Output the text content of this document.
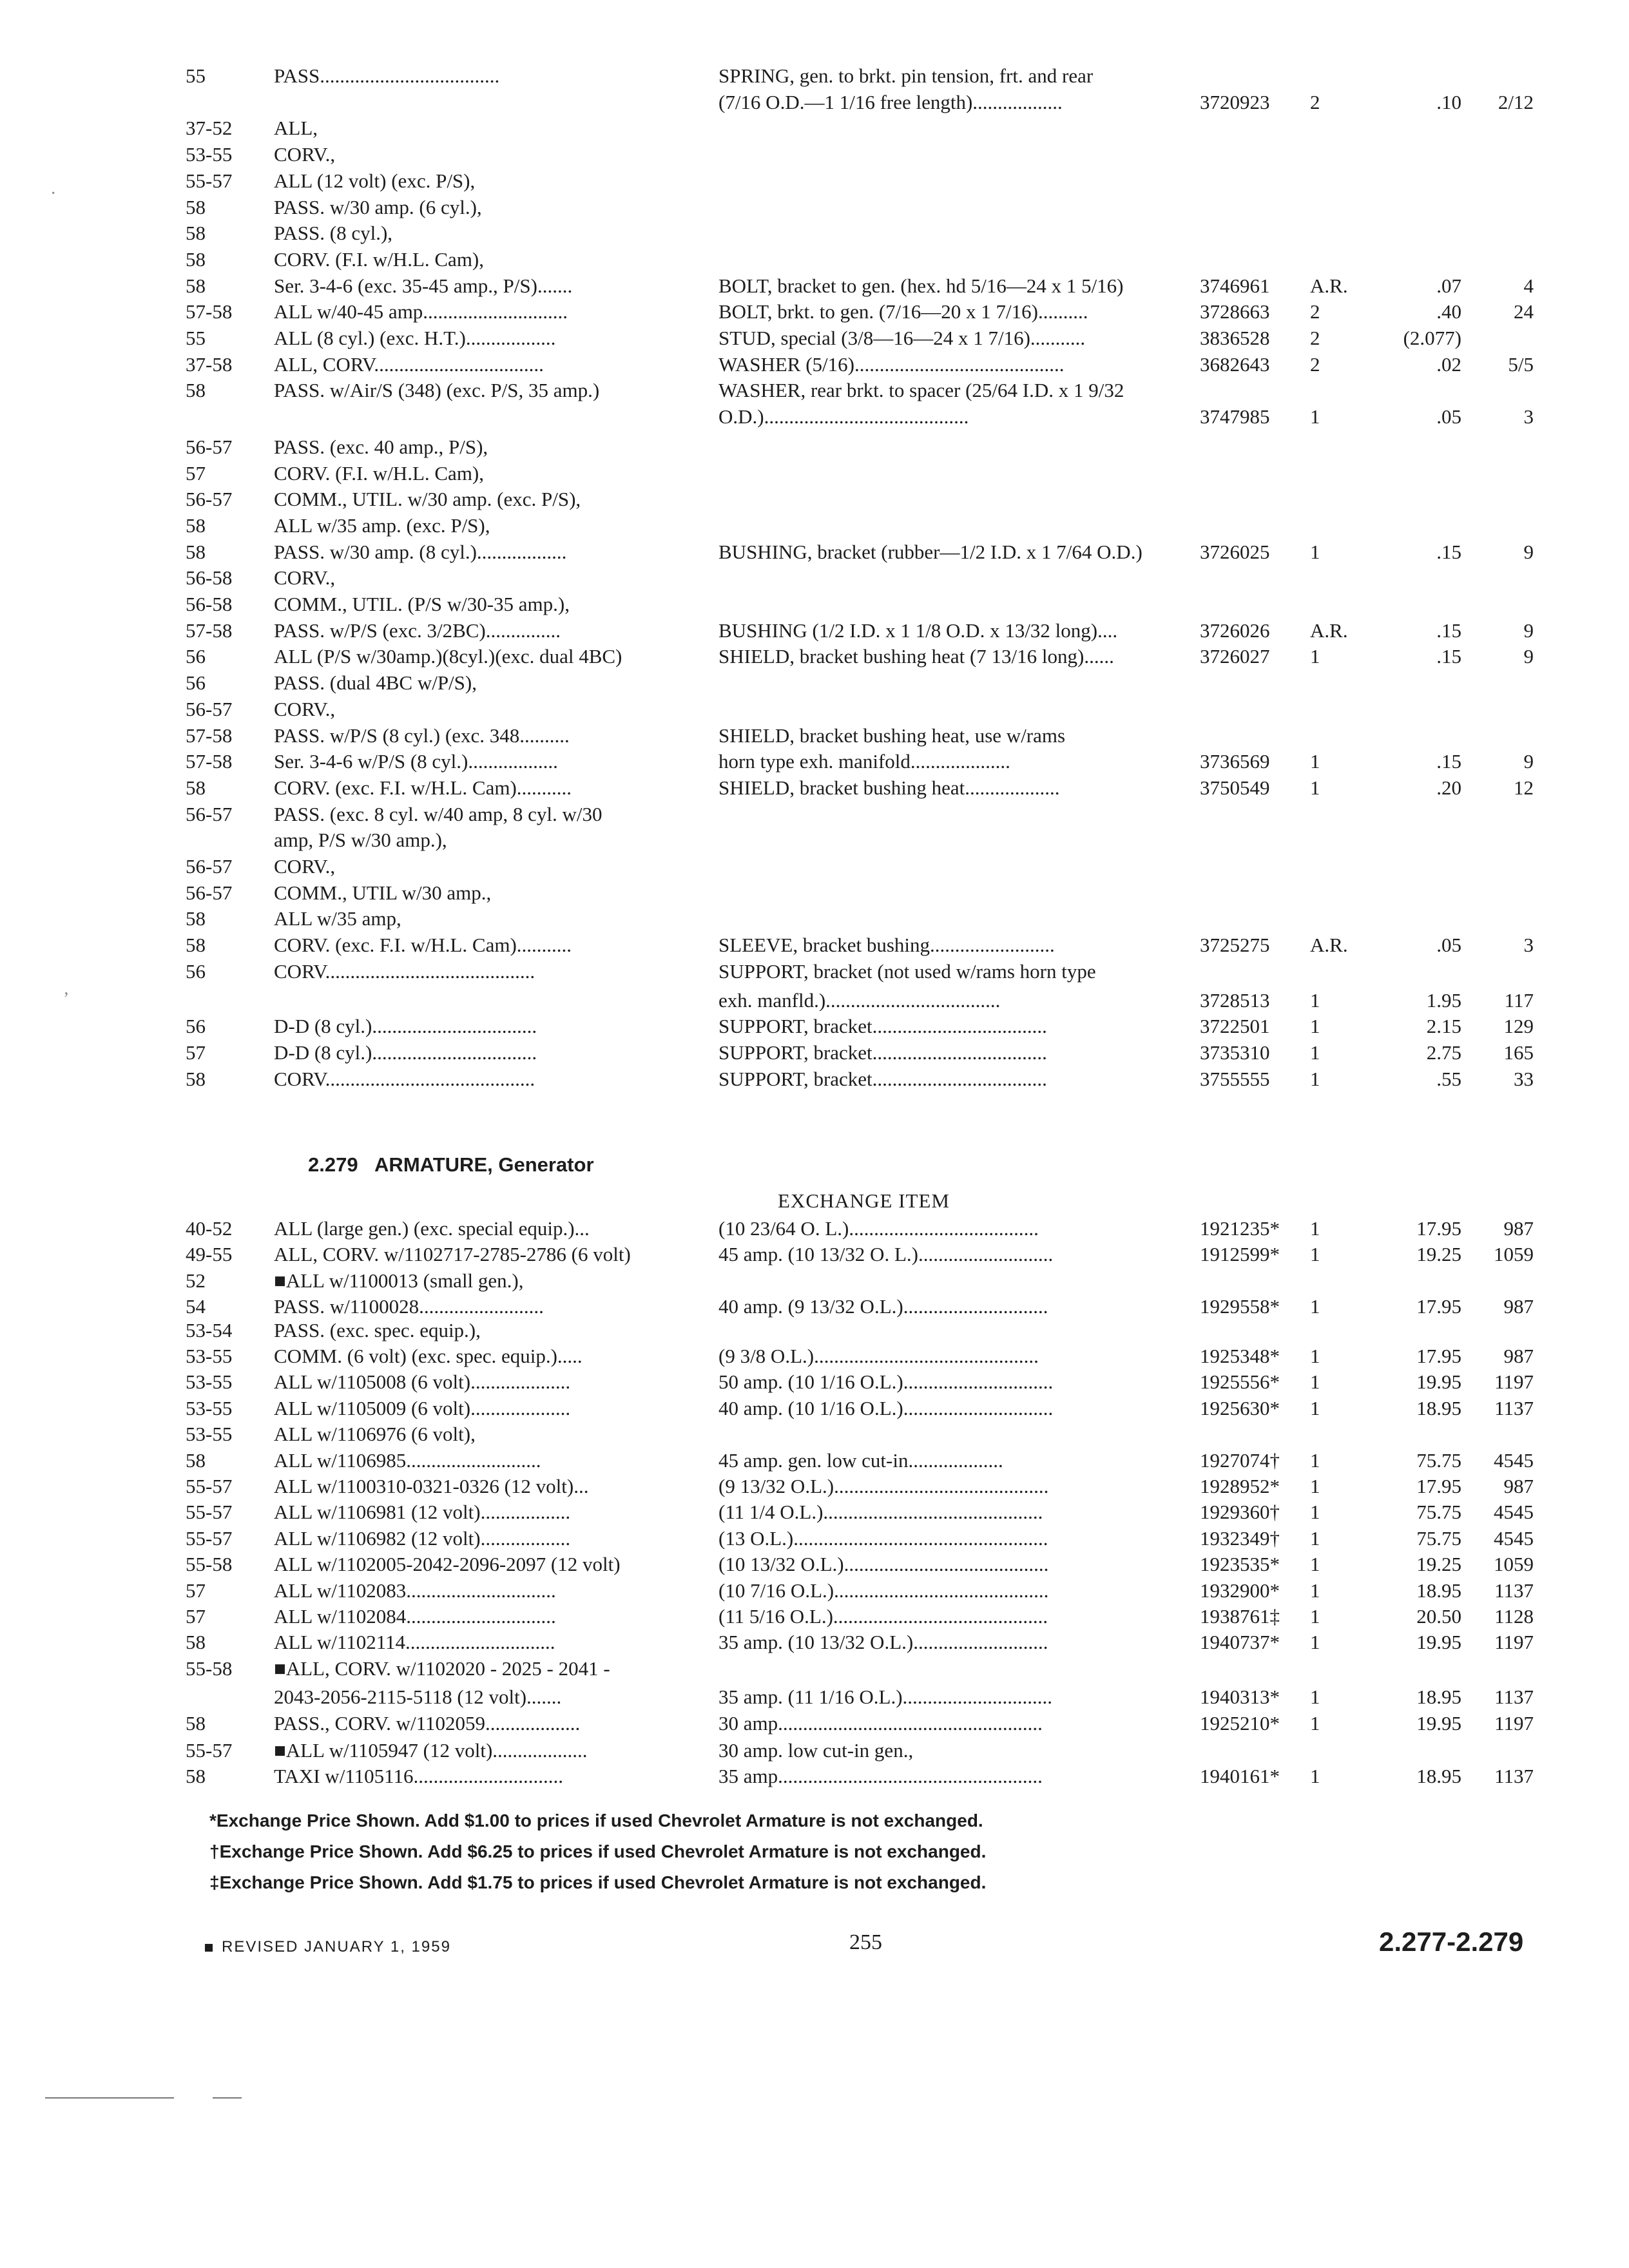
55	PASS....................................	SPRING, gen. to brkt. pin tension, frt. and rear
(7/16 O.D.—1 1/16 free length)..................	3720923	2	.10	2/12
37-52	ALL,
53-55	CORV.,
55-57	ALL (12 volt) (exc. P/S),
58	PASS. w/30 amp. (6 cyl.),
58	PASS. (8 cyl.),
58	CORV. (F.I. w/H.L. Cam),
58	Ser. 3-4-6 (exc. 35-45 amp., P/S).......	BOLT, bracket to gen. (hex. hd 5/16—24 x 1 5/16)	3746961	A.R.	.07	4
57-58	ALL w/40-45 amp.............................	BOLT, brkt. to gen. (7/16—20 x 1 7/16)..........	3728663	2	.40	24
55	ALL (8 cyl.) (exc. H.T.)..................	STUD, special (3/8—16—24 x 1 7/16)...........	3836528	2	(2.077)
37-58	ALL, CORV..................................	WASHER (5/16)..........................................	3682643	2	.02	5/5
58	PASS. w/Air/S (348) (exc. P/S, 35 amp.)	WASHER, rear brkt. to spacer (25/64 I.D. x 1 9/32
O.D.).........................................	3747985	1	.05	3
56-57	PASS. (exc. 40 amp., P/S),
57	CORV. (F.I. w/H.L. Cam),
56-57	COMM., UTIL. w/30 amp. (exc. P/S),
58	ALL w/35 amp. (exc. P/S),
58	PASS. w/30 amp. (8 cyl.)..................	BUSHING, bracket (rubber—1/2 I.D. x 1 7/64 O.D.)	3726025	1	.15	9
56-58	CORV.,
56-58	COMM., UTIL. (P/S w/30-35 amp.),
57-58	PASS. w/P/S (exc. 3/2BC)...............	BUSHING (1/2 I.D. x 1 1/8 O.D. x 13/32 long)....	3726026	A.R.	.15	9
56	ALL (P/S w/30amp.)(8cyl.)(exc. dual 4BC)	SHIELD, bracket bushing heat (7 13/16 long)......	3726027	1	.15	9
56	PASS. (dual 4BC w/P/S),
56-57	CORV.,
57-58	PASS. w/P/S (8 cyl.) (exc. 348..........	SHIELD, bracket bushing heat, use w/rams
57-58	Ser. 3-4-6 w/P/S (8 cyl.)..................	horn type exh. manifold....................	3736569	1	.15	9
58	CORV. (exc. F.I. w/H.L. Cam)...........	SHIELD, bracket bushing heat...................	3750549	1	.20	12
56-57	PASS. (exc. 8 cyl. w/40 amp, 8 cyl. w/30
amp, P/S w/30 amp.),
56-57	CORV.,
56-57	COMM., UTIL w/30 amp.,
58	ALL w/35 amp,
58	CORV. (exc. F.I. w/H.L. Cam)...........	SLEEVE, bracket bushing.........................	3725275	A.R.	.05	3
56	CORV..........................................	SUPPORT, bracket (not used w/rams horn type
exh. manfld.)...................................	3728513	1	1.95	117
56	D-D (8 cyl.).................................	SUPPORT, bracket...................................	3722501	1	2.15	129
57	D-D (8 cyl.).................................	SUPPORT, bracket...................................	3735310	1	2.75	165
58	CORV..........................................	SUPPORT, bracket...................................	3755555	1	.55	33
2.279 ARMATURE, Generator
EXCHANGE ITEM
40-52	ALL (large gen.) (exc. special equip.)...	(10 23/64 O. L.)......................................	1921235*	1	17.95	987
49-55	ALL, CORV. w/1102717-2785-2786 (6 volt)	45 amp. (10 13/32 O. L.)...........................	1912599*	1	19.25	1059
52	■ALL w/1100013 (small gen.),
54	PASS. w/1100028.........................	40 amp. (9 13/32 O.L.).............................	1929558*	1	17.95	987
53-54	PASS. (exc. spec. equip.),
53-55	COMM. (6 volt) (exc. spec. equip.).....	(9 3/8 O.L.).............................................	1925348*	1	17.95	987
53-55	ALL w/1105008 (6 volt)....................	50 amp. (10 1/16 O.L.)..............................	1925556*	1	19.95	1197
53-55	ALL w/1105009 (6 volt)....................	40 amp. (10 1/16 O.L.)..............................	1925630*	1	18.95	1137
53-55	ALL w/1106976 (6 volt),
58	ALL w/1106985...........................	45 amp. gen. low cut-in...................	1927074†	1	75.75	4545
55-57	ALL w/1100310-0321-0326 (12 volt)...	(9 13/32 O.L.)...........................................	1928952*	1	17.95	987
55-57	ALL w/1106981 (12 volt)..................	(11 1/4 O.L.)............................................	1929360†	1	75.75	4545
55-57	ALL w/1106982 (12 volt)..................	(13 O.L.)...................................................	1932349†	1	75.75	4545
55-58	ALL w/1102005-2042-2096-2097 (12 volt)	(10 13/32 O.L.).........................................	1923535*	1	19.25	1059
57	ALL w/1102083..............................	(10 7/16 O.L.)...........................................	1932900*	1	18.95	1137
57	ALL w/1102084..............................	(11 5/16 O.L.)...........................................	1938761‡	1	20.50	1128
58	ALL w/1102114..............................	35 amp. (10 13/32 O.L.)...........................	1940737*	1	19.95	1197
55-58	■ALL, CORV. w/1102020 - 2025 - 2041 -
2043-2056-2115-5118 (12 volt).......	35 amp. (11 1/16 O.L.)..............................	1940313*	1	18.95	1137
58	PASS., CORV. w/1102059...................	30 amp.....................................................	1925210*	1	19.95	1197
55-57	■ALL w/1105947 (12 volt)...................	30 amp. low cut-in gen.,
58	TAXI w/1105116..............................	35 amp.....................................................	1940161*	1	18.95	1137
*Exchange Price Shown. Add $1.00 to prices if used Chevrolet Armature is not exchanged.
†Exchange Price Shown. Add $6.25 to prices if used Chevrolet Armature is not exchanged.
‡Exchange Price Shown. Add $1.75 to prices if used Chevrolet Armature is not exchanged.
REVISED JANUARY 1, 1959	255	2.277-2.279
·
ʼ
